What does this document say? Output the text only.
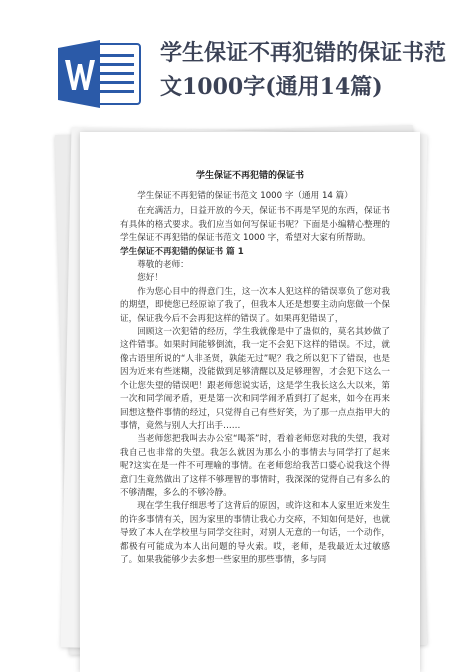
学生保证不再犯错的保证书范
文1000字(通用14篇)
学生保证不再犯错的保证书

学生保证不再犯错的保证书范文 1000 字（通用 14 篇）

在充满活力，日益开放的今天，保证书不再是罕见的东西，保证书有具体的格式要求。我们应当如何写保证书呢？下面是小编精心整理的学生保证不再犯错的保证书范文 1000 字，希望对大家有所帮助。

学生保证不再犯错的保证书 篇 1

尊敬的老师：

您好！

作为您心目中的得意门生，这一次本人犯这样的错误辜负了您对我的期望，即使您已经原谅了我了，但我本人还是想要主动向您做一个保证，保证我今后不会再犯这样的错误了。如果再犯错误了，

回顾这一次犯错的经历，学生我就像是中了蛊似的，莫名其妙做了这件错事。如果时间能够倒流，我一定不会犯下这样的错误。不过，就像古语里所说的“人非圣贤，孰能无过”呢？我之所以犯下了错误，也是因为近来有些迷糊，没能做到足够清醒以及足够理智，才会犯下这么一个让您失望的错误吧！跟老师您说实话，这是学生我长这么大以来，第一次和同学闹矛盾，更是第一次和同学闹矛盾到打了起来，如今在再来回想这整件事情的经过，只觉得自己有些好笑，为了那一点点指甲大的事情，竟然与别人大打出手……

当老师您把我叫去办公室“喝茶”时，看着老师您对我的失望，我对我自己也非常的失望。我怎么就因为那么小的事情去与同学打了起来呢?这实在是一件不可理喻的事情。在老师您给我苦口婆心说我这个得意门生竟然做出了这样不够理智的事情时，我深深的觉得自己有多么的不够清醒，多么的不够冷静。

现在学生我仔细思考了这背后的原因，或许这和本人家里近来发生的许多事情有关，因为家里的事情让我心力交瘁，不知如何是好，也就导致了本人在学校里与同学交往时，对别人无意的一句话，一个动作，都极有可能成为本人出问题的导火索。哎，老师，是我最近太过敏感了。如果我能够少去多想一些家里的那些事情，多与同
